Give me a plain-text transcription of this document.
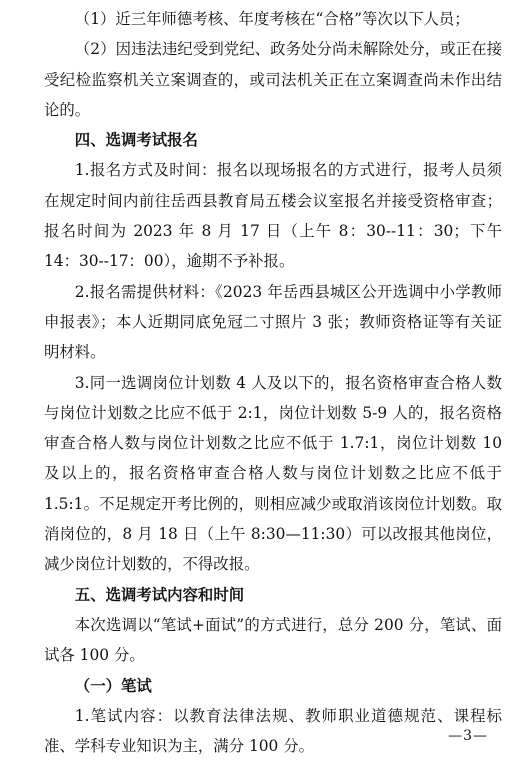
（1）近三年师德考核、年度考核在“合格”等次以下人员；

（2）因违法违纪受到党纪、政务处分尚未解除处分，或正在接受纪检监察机关立案调查的，或司法机关正在立案调查尚未作出结论的。

四、选调考试报名

1.报名方式及时间：报名以现场报名的方式进行，报考人员须在规定时间内前往岳西县教育局五楼会议室报名并接受资格审查；报名时间为 2023 年 8 月 17 日（上午 8：30--11：30；下午 14：30--17：00），逾期不予补报。

2.报名需提供材料：《2023 年岳西县城区公开选调中小学教师申报表》；本人近期同底免冠二寸照片 3 张；教师资格证等有关证明材料。

3.同一选调岗位计划数 4 人及以下的，报名资格审查合格人数与岗位计划数之比应不低于 2:1，岗位计划数 5-9 人的，报名资格审查合格人数与岗位计划数之比应不低于 1.7:1，岗位计划数 10 及以上的，报名资格审查合格人数与岗位计划数之比应不低于 1.5:1。不足规定开考比例的，则相应减少或取消该岗位计划数。取消岗位的，8 月 18 日（上午 8:30—11:30）可以改报其他岗位，减少岗位计划数的，不得改报。

五、选调考试内容和时间

本次选调以“笔试+面试”的方式进行，总分 200 分，笔试、面试各 100 分。

（一）笔试

1.笔试内容：以教育法律法规、教师职业道德规范、课程标准、学科专业知识为主，满分 100 分。

—3—
